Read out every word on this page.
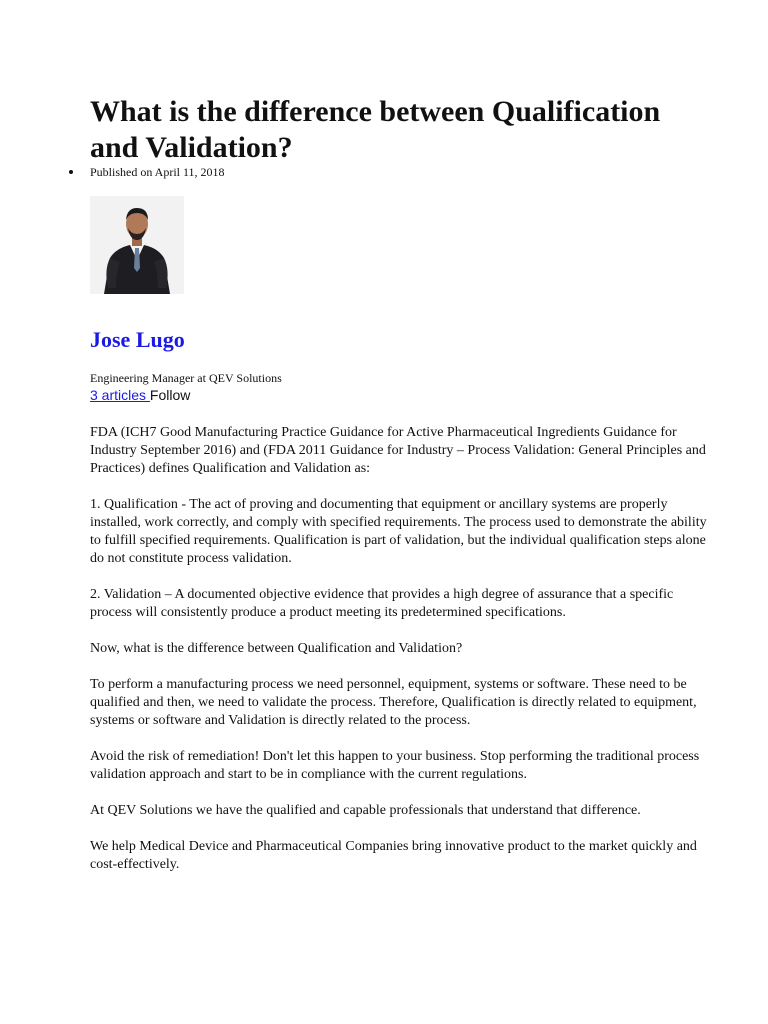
What is the difference between Qualification and Validation?
Published on April 11, 2018
Jose Lugo
Engineering Manager at QEV Solutions
3 articles Follow

FDA (ICH7 Good Manufacturing Practice Guidance for Active Pharmaceutical Ingredients Guidance for Industry September 2016) and (FDA 2011 Guidance for Industry – Process Validation: General Principles and Practices) defines Qualification and Validation as:

1. Qualification - The act of proving and documenting that equipment or ancillary systems are properly installed, work correctly, and comply with specified requirements. The process used to demonstrate the ability to fulfill specified requirements. Qualification is part of validation, but the individual qualification steps alone do not constitute process validation.

2. Validation – A documented objective evidence that provides a high degree of assurance that a specific process will consistently produce a product meeting its predetermined specifications.

Now, what is the difference between Qualification and Validation?

To perform a manufacturing process we need personnel, equipment, systems or software. These need to be qualified and then, we need to validate the process. Therefore, Qualification is directly related to equipment, systems or software and Validation is directly related to the process.

Avoid the risk of remediation! Don't let this happen to your business. Stop performing the traditional process validation approach and start to be in compliance with the current regulations.

At QEV Solutions we have the qualified and capable professionals that understand that difference.

We help Medical Device and Pharmaceutical Companies bring innovative product to the market quickly and cost-effectively.
